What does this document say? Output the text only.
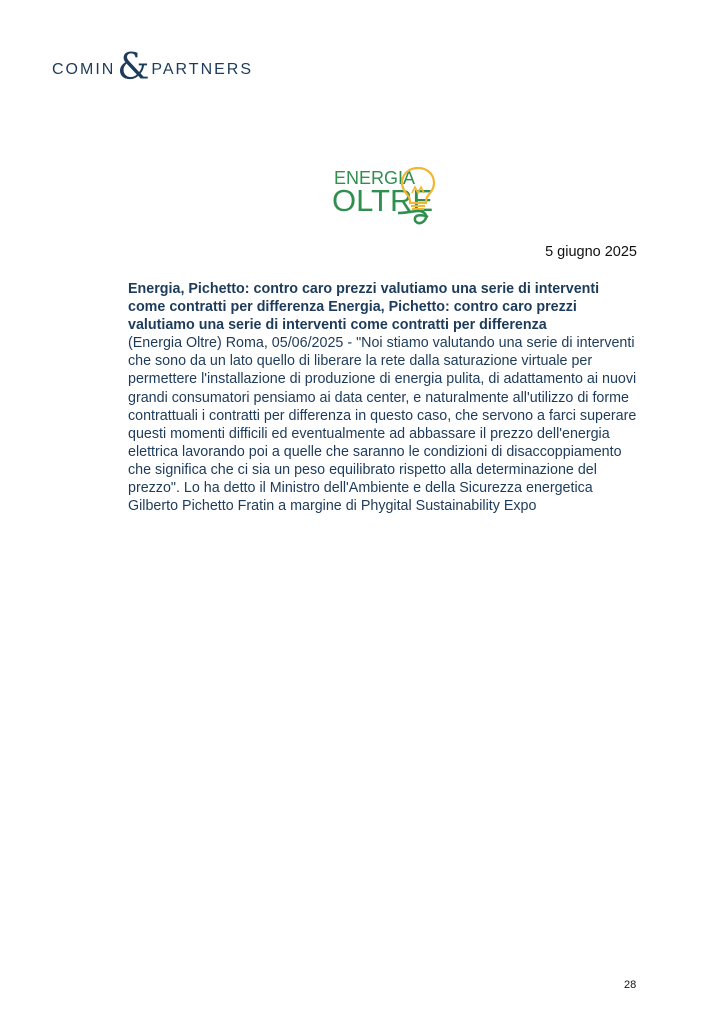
COMIN & PARTNERS
ENERGIA
OLTRE
5 giugno 2025
Energia, Pichetto: contro caro prezzi valutiamo una serie di interventi come contratti per differenza Energia, Pichetto: contro caro prezzi valutiamo una serie di interventi come contratti per differenza
(Energia Oltre) Roma, 05/06/2025 - "Noi stiamo valutando una serie di interventi che sono da un lato quello di liberare la rete dalla saturazione virtuale per permettere l'installazione di produzione di energia pulita, di adattamento ai nuovi grandi consumatori pensiamo ai data center, e naturalmente all'utilizzo di forme contrattuali i contratti per differenza in questo caso, che servono a farci superare questi momenti difficili ed eventualmente ad abbassare il prezzo dell'energia elettrica lavorando poi a quelle che saranno le condizioni di disaccoppiamento che significa che ci sia un peso equilibrato rispetto alla determinazione del prezzo". Lo ha detto il Ministro dell'Ambiente e della Sicurezza energetica Gilberto Pichetto Fratin a margine di Phygital Sustainability Expo
28
